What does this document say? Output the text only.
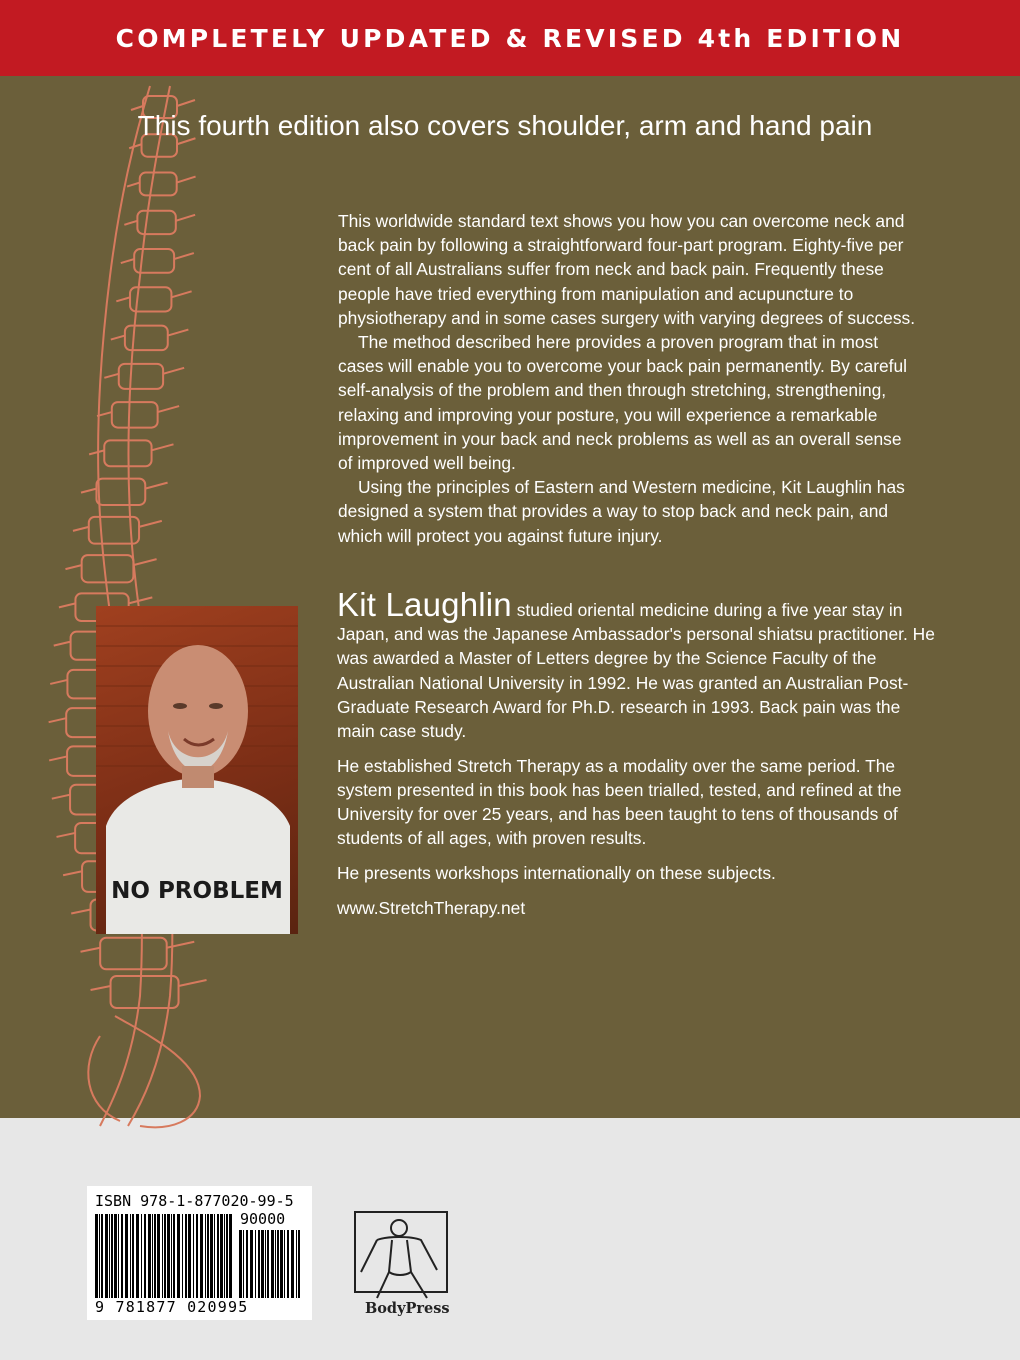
COMPLETELY UPDATED & REVISED 4th EDITION
This fourth edition also covers shoulder, arm and hand pain

This worldwide standard text shows you how you can overcome neck and back pain by following a straightforward four-part program. Eighty-five per cent of all Australians suffer from neck and back pain. Frequently these people have tried everything from manipulation and acupuncture to physiotherapy and in some cases surgery with varying degrees of success.

The method described here provides a proven program that in most cases will enable you to overcome your back pain permanently. By careful self-analysis of the problem and then through stretching, strengthening, relaxing and improving your posture, you will experience a remarkable improvement in your back and neck problems as well as an overall sense of improved well being.

Using the principles of Eastern and Western medicine, Kit Laughlin has designed a system that provides a way to stop back and neck pain, and which will protect you against future injury.

Kit Laughlin studied oriental medicine during a five year stay in Japan, and was the Japanese Ambassador's personal shiatsu practitioner. He was awarded a Master of Letters degree by the Science Faculty of the Australian National University in 1992. He was granted an Australian Post-Graduate Research Award for Ph.D. research in 1993. Back pain was the main case study.

He established Stretch Therapy as a modality over the same period. The system presented in this book has been trialled, tested, and refined at the University for over 25 years, and has been taught to tens of thousands of students of all ages, with proven results.

He presents workshops internationally on these subjects.

www.StretchTherapy.net

NO PROBLEM
ISBN 978-1-877020-99-5
90000
9 781877 020995	BodyPress
